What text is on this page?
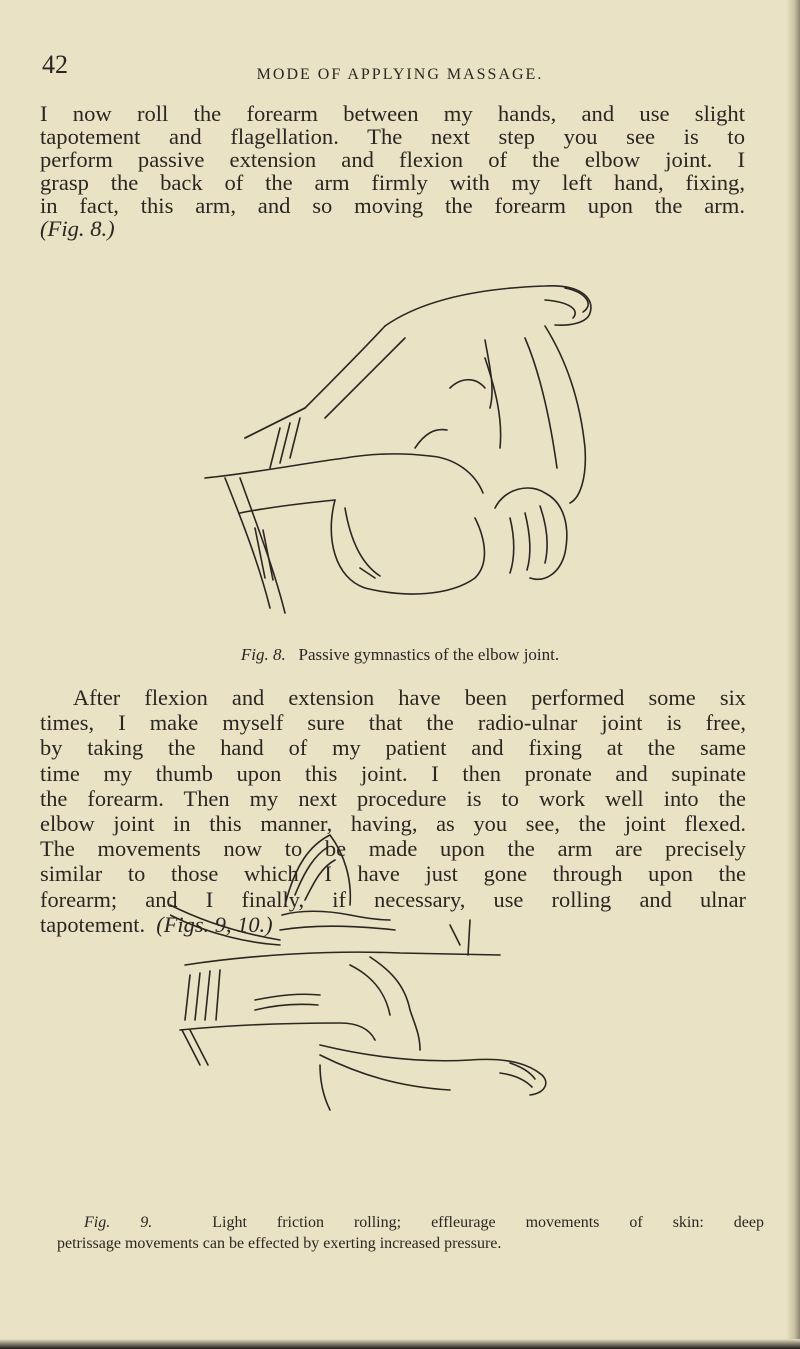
42	MODE OF APPLYING MASSAGE.
I now roll the forearm between my hands, and use slight
tapotement and flagellation. The next step you see is to
perform passive extension and flexion of the elbow joint. I
grasp the back of the arm firmly with my left hand, fixing,
in fact, this arm, and so moving the forearm upon the arm.
(Fig. 8.)
Fig. 8. Passive gymnastics of the elbow joint.
After flexion and extension have been performed some six
times, I make myself sure that the radio-ulnar joint is free,
by taking the hand of my patient and fixing at the same
time my thumb upon this joint. I then pronate and supinate
the forearm. Then my next procedure is to work well into the
elbow joint in this manner, having, as you see, the joint flexed.
The movements now to be made upon the arm are precisely
similar to those which I have just gone through upon the
forearm; and I finally, if necessary, use rolling and ulnar
tapotement. (Figs. 9, 10.)
Fig. 9.	Light friction rolling; effleurage movements of skin: deep
petrissage movements can be effected by exerting increased pressure.
